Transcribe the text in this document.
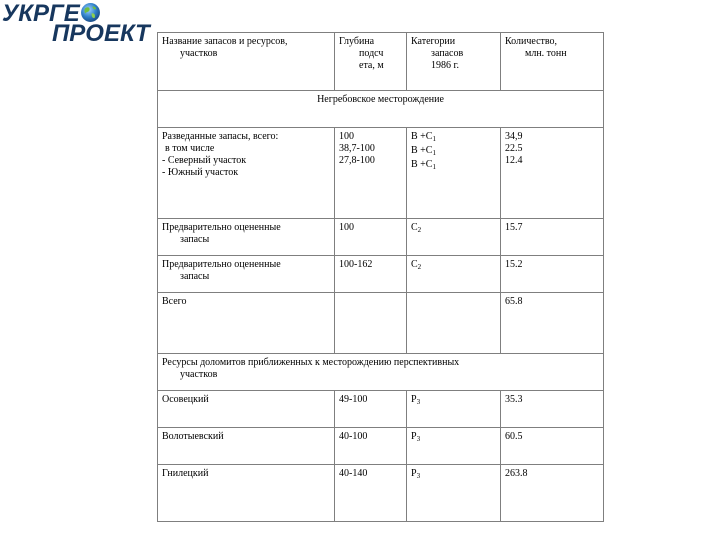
УКРГЕ
ПРОЕКТ Название запасов и ресурсов,
участков	Глубина
подсч
ета, м	Категории
запасов
1986 г.	Количество,
млн. тонн

Негребовское месторождение			

Разведанные запасы, всего:
в том числе
- Северный участок
- Южный участок	100
38,7-100
27,8-100	$B +C_1$
$B +C_1$
$B +C_1$	34,9
22.5
12.4

Предварительно оцененные
запасы	100	$C_2$	15.7

Предварительно оцененные
запасы	100-162	$C_2$	15.2
Всего			65.8

Ресурсы доломитов приближенных к месторождению перспективных
участков			

Осовецкий	49-100	$P_3$	35.3
Волотыевский	40-100	$P_3$	60.5
Гнилецкий	40-140	$P_3$	263.8
